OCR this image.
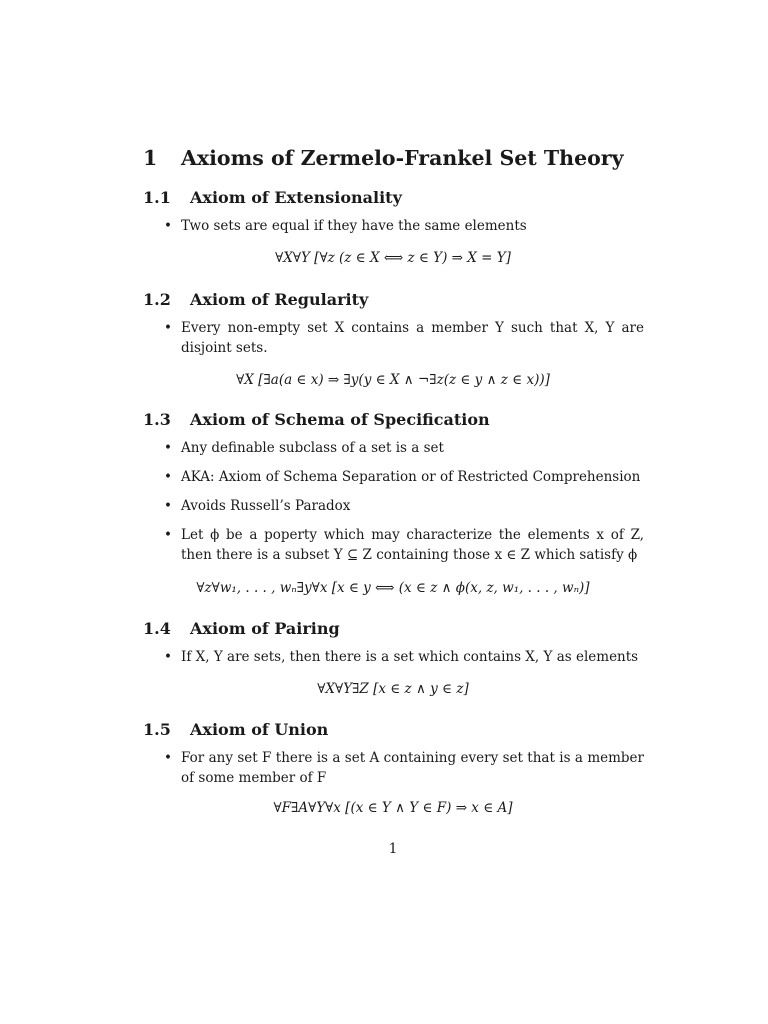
1 Axioms of Zermelo-Frankel Set Theory
1.1 Axiom of Extensionality
• Two sets are equal if they have the same elements
∀X∀Y [∀z (z ∈ X ⟺ z ∈ Y) ⇒ X = Y]
1.2 Axiom of Regularity
• Every non-empty set X contains a member Y such that X, Y are disjoint sets.
∀X [∃a(a ∈ x) ⇒ ∃y(y ∈ X ∧ ¬∃z(z ∈ y ∧ z ∈ x))]
1.3 Axiom of Schema of Specification
• Any definable subclass of a set is a set
• AKA: Axiom of Schema Separation or of Restricted Comprehension
• Avoids Russell’s Paradox
• Let ϕ be a poperty which may characterize the elements x of Z, then there is a subset Y ⊆ Z containing those x ∈ Z which satisfy ϕ
∀z∀w₁, . . . , wₙ∃y∀x [x ∈ y ⟺ (x ∈ z ∧ ϕ(x, z, w₁, . . . , wₙ)]
1.4 Axiom of Pairing
• If X, Y are sets, then there is a set which contains X, Y as elements
∀X∀Y∃Z [x ∈ z ∧ y ∈ z]
1.5 Axiom of Union
• For any set F there is a set A containing every set that is a member of some member of F
∀F∃A∀Y∀x [(x ∈ Y ∧ Y ∈ F) ⇒ x ∈ A]
1
